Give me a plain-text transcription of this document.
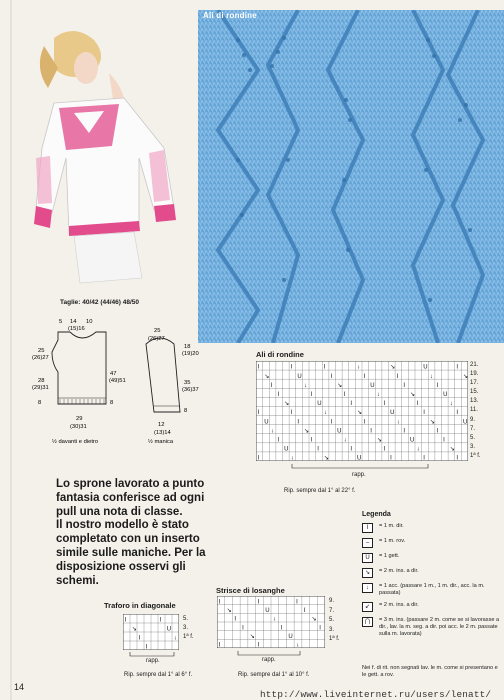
Ali di rondine
Taglie: 40/42 (44/46) 48/50
5 14 10
(15)16
25
(26)27
28
(29)31
8
47
(49)51
8
29
(30)31
½ davanti e dietro
25
(26)27
18
(19)20
35
(36)37
8
12
(13)14
½ manica
Ali di rondine
I	I	I	↓	↘	U	I
↘	U	I	I	I	↓	↘
I	↓	↘	U	I	I
I	I	I	↓	↘	U
↘	U	I	I	I	↓
I	I	↓	↘	U	I	I
U	I	I	I	↓	↘	U
↓	↘	U	I	I	I
I	I	↓	↘	U	I
U	I	I	I	↓	↘
I	↓	↘	U	I	I	I
21.
19.
17.
15.
13.
11.
9.
7.
5.
3.
1ª f.
rapp.
Rip. sempre dal 1° al 22° f.
Lo sprone lavorato a punto
fantasia conferisce ad ogni
pull una nota di classe.
Il nostro modello è stato
completato con un inserto
simile sulle maniche. Per la
disposizione osservi gli
schemi.
Traforo in diagonale
I	I
↘	U
I	↓
I
5.
3.
1ª f.
rapp.
Rip. sempre dal 1° al 6° f.
Strisce di losanghe
I	I	I
↘	U	I
I	↓	↘
I	I	I
↘	U
I	I	↓
9.
7.
5.
3.
1ª f.
rapp.
Rip. sempre dal 1° al 10° f.
Legenda
I	= 1 m. dir.
–	= 1 m. rov.
U	= 1 gett.
↘	= 2 m. ins. a dir.
↓	= 1 acc. (passare 1 m., 1 m. dir., acc. la m. passata)
↙	= 2 m. ins. a dir.
⋂	= 3 m. ins. (passare 2 m. come se si lavorasse a dir., lav. la m. seg. a dir. poi acc. le 2 m. passate sulla m. lavorata)
Nei f. di rit. non segnati lav. le m. come si presentano e le gett. a rov.
14
http://www.liveinternet.ru/users/lenatt/
